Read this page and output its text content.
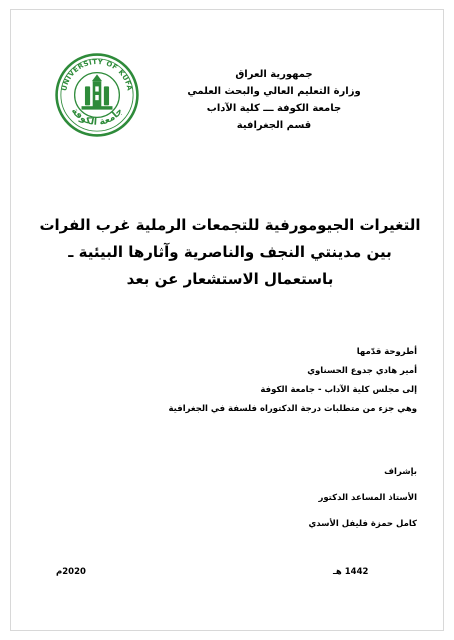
UNIVERSITY OF KUFA
جامعة الكوفة
جمهورية العراق
وزارة التعليم العالي والبحث العلمي
جامعة الكوفة ـــ كلية الآداب
قسم الجغرافية
التغيرات الجيومورفية للتجمعات الرملية غرب الفرات
بين مدينتي النجف والناصرية وآثارها البيئية ـ
باستعمال الاستشعار عن بعد
أطروحة قدّمها
أمير هادي جدوع الحسناوي
إلى مجلس كلية الآداب - جامعة الكوفة
وهي جزء من متطلبات درجة الدكتوراه فلسفة في الجغرافية
بإشراف
الأستاذ المساعد الدكتور
كامل حمزة فليفل الأسدي
1442 هـ
2020م
